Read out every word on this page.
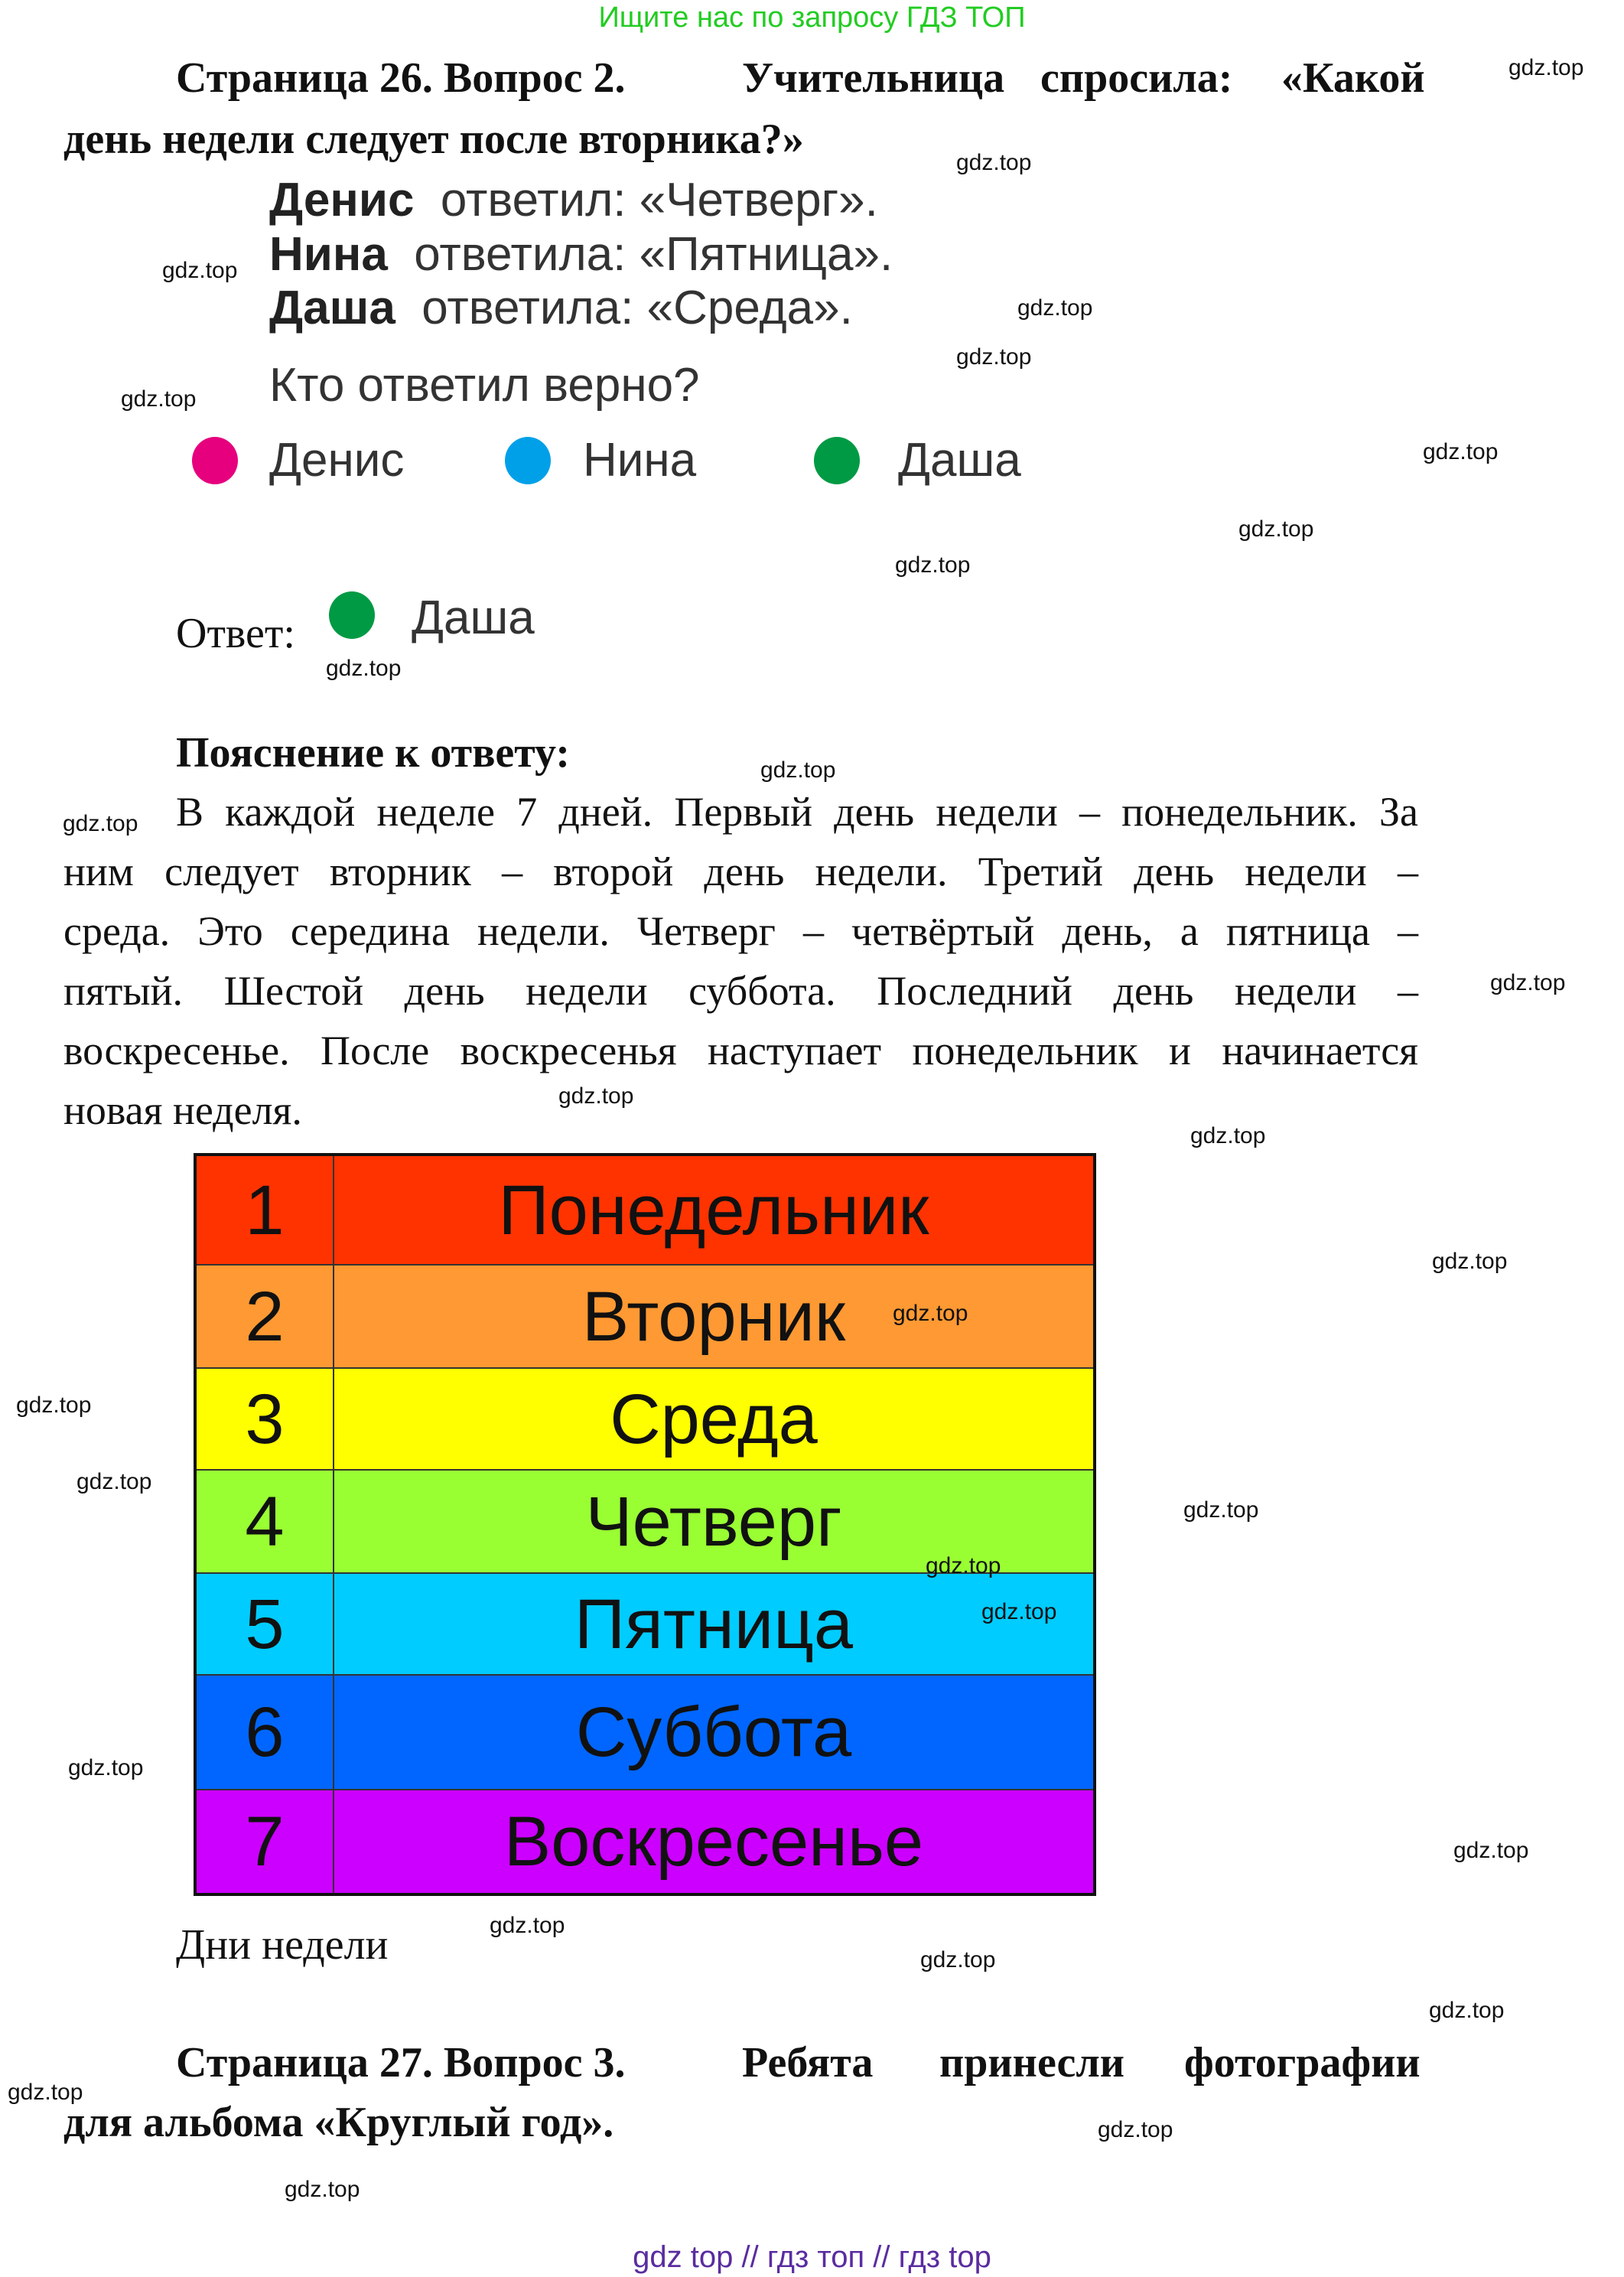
Ищите нас по запросу ГДЗ ТОП
Страница 26. Вопрос 2.	Учительница спросила: «Какой
день недели следует после вторника?»
Денис ответил: «Четверг».
Нина ответила: «Пятница».
Даша ответила: «Среда».
Кто ответил верно?
Денис	Нина	Даша
Ответ: Даша
Пояснение к ответу:
В каждой неделе 7 дней. Первый день недели – понедельник. За
ним следует вторник – второй день недели. Третий день недели –
среда. Это середина недели. Четверг – четвёртый день, а пятница –
пятый. Шестой день недели суббота. Последний день недели –
воскресенье. После воскресенья наступает понедельник и начинается
новая неделя.
1	Понедельник
2	Вторник
3	Среда
4	Четверг
5	Пятница
6	Суббота
7	Воскресенье
Дни недели
Страница 27. Вопрос 3.	Ребята принесли фотографии
для альбома «Круглый год».
gdz.top
gdz.top
gdz.top
gdz.top
gdz.top
gdz.top
gdz.top
gdz.top
gdz.top
gdz.top
gdz.top
gdz.top
gdz.top
gdz.top
gdz.top
gdz.top
gdz.top
gdz.top
gdz.top
gdz.top
gdz.top
gdz.top
gdz.top
gdz.top
gdz.top
gdz.top
gdz.top
gdz.top
gdz.top
gdz.top
gdz top // гдз топ // гдз top
